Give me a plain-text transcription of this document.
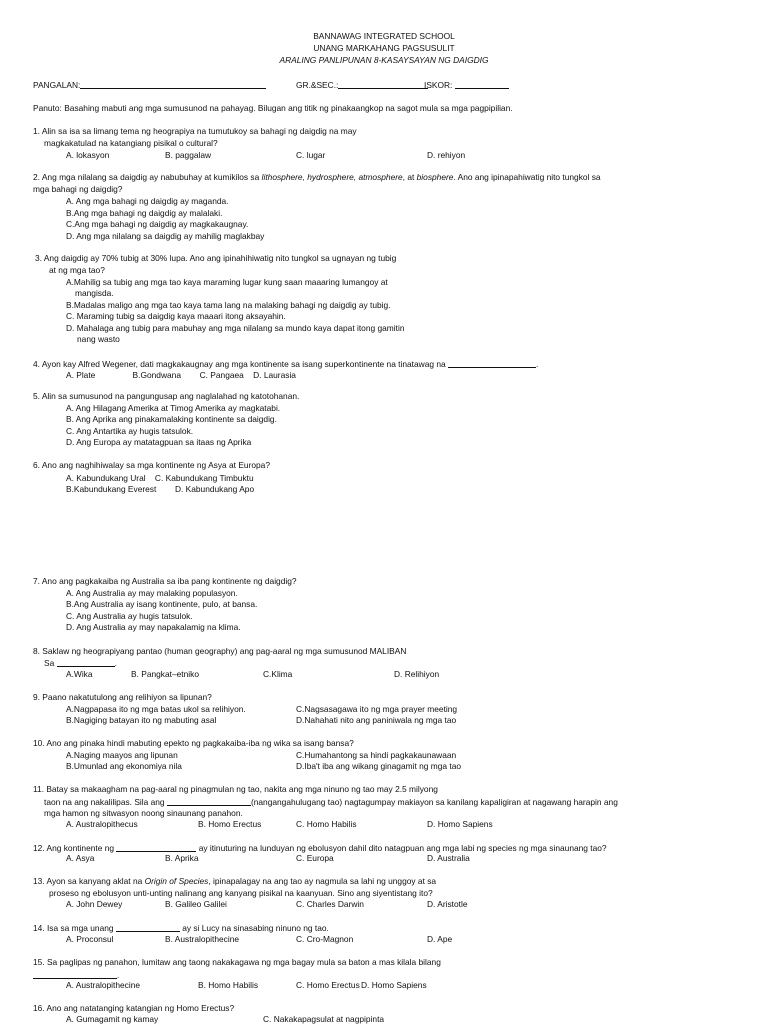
BANNAWAG INTEGRATED SCHOOL
UNANG MARKAHANG PAGSUSULIT
ARALING PANLIPUNAN 8-KASAYSAYAN NG DAIGDIG
PANGALAN:	GR.&SEC.:	ISKOR:
Panuto: Basahing mabuti ang mga sumusunod na pahayag. Bilugan ang titik ng pinakaangkop na sagot mula sa mga pagpipilian.
1. Alin sa isa sa limang tema ng heograpiya na tumutukoy sa bahagi ng daigdig na may
magkakatulad na katangiang pisikal o cultural?
A. lokasyon	B. paggalaw	C. lugar	D. rehiyon
2. Ang mga nilalang sa daigdig ay nabubuhay at kumikilos sa lithosphere, hydrosphere, atmosphere, at biosphere. Ano ang ipinapahiwatig nito tungkol sa
mga bahagi ng daigdig?
A. Ang mga bahagi ng daigdig ay maganda.
B.Ang mga bahagi ng daigdig ay malalaki.
C.Ang mga bahagi ng daigdig ay magkakaugnay.
D. Ang mga nilalang sa daigdig ay mahilig maglakbay
3. Ang daigdig ay 70% tubig at 30% lupa. Ano ang ipinahihiwatig nito tungkol sa ugnayan ng tubig
at ng mga tao?
A.Mahilig sa tubig ang mga tao kaya maraming lugar kung saan maaaring lumangoy at
mangisda.
B.Madalas maligo ang mga tao kaya tama lang na malaking bahagi ng daigdig ay tubig.
C. Maraming tubig sa daigdig kaya maaari itong aksayahin.
D. Mahalaga ang tubig para mabuhay ang mga nilalang sa mundo kaya dapat itong gamitin
nang wasto
4. Ayon kay Alfred Wegener, dati magkakaugnay ang mga kontinente sa isang superkontinente na tinatawag na	.
A. Plate                B.Gondwana        C. Pangaea    D. Laurasia
5. Alin sa sumusunod na pangungusap ang naglalahad ng katotohanan.
A. Ang Hilagang Amerika at Timog Amerika ay magkatabi.
B. Ang Aprika ang pinakamalaking kontinente sa daigdig.
C. Ang Antartika ay hugis tatsulok.
D. Ang Europa ay matatagpuan sa itaas ng Aprika
6. Ano ang naghihiwalay sa mga kontinente ng Asya at Europa?
A. Kabundukang Ural    C. Kabundukang Timbuktu
B.Kabundukang Everest        D. Kabundukang Apo
7. Ano ang pagkakaiba ng Australia sa iba pang kontinente ng daigdig?
A. Ang Australia ay may malaking populasyon.
B.Ang Australia ay isang kontinente, pulo, at bansa.
C. Ang Australia ay hugis tatsulok.
D. Ang Australia ay may napakalamig na klima.
8. Saklaw ng heograpiyang pantao (human geography) ang pag-aaral ng mga sumusunod MALIBAN
Sa	.
A.Wika	B. Pangkat–etniko	C.Klima	D. Relihiyon
9. Paano nakatutulong ang relihiyon sa lipunan?
A.Nagpapasa ito ng mga batas ukol sa relihiyon.	C.Nagsasagawa ito ng mga prayer meeting
B.Nagiging batayan ito ng mabuting asal	D.Nahahati nito ang paniniwala ng mga tao
10. Ano ang pinaka hindi mabuting epekto ng pagkakaiba-iba ng wika sa isang bansa?
A.Naging maayos ang lipunan	C.Humahantong sa hindi pagkakaunawaan
B.Umunlad ang ekonomiya nila	D.Iba't iba ang wikang ginagamit ng mga tao
11. Batay sa makaagham na pag-aaral ng pinagmulan ng tao, nakita ang mga ninuno ng tao may 2.5 milyong
taon na ang nakalilipas. Sila ang	(nangangahulugang tao) nagtagumpay makiayon sa kanilang kapaligiran at nagawang harapin ang
mga hamon ng sitwasyon noong sinaunang panahon.
A. Australopithecus	B. Homo Erectus	C. Homo Habilis	D. Homo Sapiens
12. Ang kontinente ng	ay itinuturing na lunduyan ng ebolusyon dahil dito natagpuan ang mga labi ng species ng mga sinaunang tao?
A. Asya	B. Aprika	C. Europa	D. Australia
13. Ayon sa kanyang aklat na Origin of Species, ipinapalagay na ang tao ay nagmula sa lahi ng unggoy at sa
proseso ng ebolusyon unti-unting nalinang ang kanyang pisikal na kaanyuan. Sino ang siyentistang ito?
A. John Dewey	B. Galileo Galilei	C. Charles Darwin	D. Aristotle
14. Isa sa mga unang	ay si Lucy na sinasabing ninuno ng tao.
A. Proconsul	B. Australopithecine	C. Cro-Magnon	D. Ape
15. Sa paglipas ng panahon, lumitaw ang taong nakakagawa ng mga bagay mula sa baton a mas kilala bilang
.
A. Australopithecine	B. Homo Habilis	C. Homo Erectus D. Homo Sapiens
16. Ano ang natatanging katangian ng Homo Erectus?
A. Gumagamit ng kamay	C. Nakakapagsulat at nagpipinta
